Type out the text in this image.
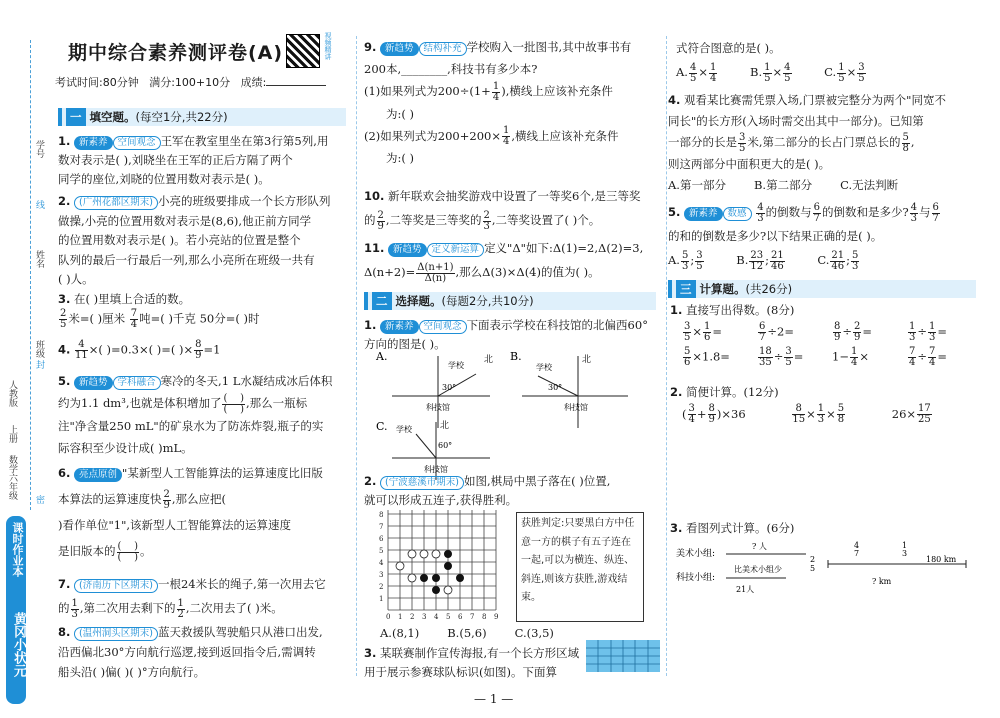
学号
姓名
班级
线
封
密
人教版
上册
数学六年级
课时作业本
黄冈小状元
期中综合素养测评卷(A)	视频精讲
考试时间:80分钟 满分:100+10分 成绩:
一 填空题。(每空1分,共22分)
1. 新素养 空间观念 王军在教室里坐在第3行第5列,用
数对表示是( ),刘晓坐在王军的正后方隔了两个
同学的座位,刘晓的位置用数对表示是( )。
2. (广州花都区期末) 小亮的班级要排成一个长方形队列
做操,小亮的位置用数对表示是(8,6),他正前方同学
的位置用数对表示是( )。若小亮站的位置是整个
队列的最后一行最后一列,那么小亮所在班级一共有
( )人。
3. 在( )里填上合适的数。

$\frac{2}{5}$ 米=( )厘米 $\frac{7}{4}$ 吨=( )千克 50分=( )时
4. $\frac{4}{11}$ ×( )=0.3×( )=( )× $\frac{8}{9} =1$
5. 新趋势 学科融合 寒冷的冬天,1 L水凝结成冰后体积
约为1.1 dm³,也就是体积增加了 $\frac{( )}{( )}$ ,那么一瓶标
注"净含量250 mL"的矿泉水为了防冻炸裂,瓶子的实
际容积至少设计成( )mL。
6. 亮点原创 "某新型人工智能算法的运算速度比旧版
本算法的运算速度快 $\frac{2}{9}$ ,那么应把(
)看作单位"1",该新型人工智能算法的运算速度
是旧版本的 $\frac{( )}{( )}$ 。
7. (济南历下区期末) 一根24米长的绳子,第一次用去它
的 $\frac{1}{3}$ ,第二次用去剩下的 $\frac{1}{2}$ ,二次用去了( )米。
8. (温州洞头区期末) 蓝天救援队驾驶船只从港口出发,
沿西偏北30°方向航行巡逻,接到返回指令后,需调转
船头沿( )偏( )( )°方向航行。
9. 新趋势 结构补充 学校购入一批图书,其中故事书有
200本,________,科技书有多少本?
(1)如果列式为$200\div(1+ \frac{1}{4}$ ),横线上应该补充条件
为:( )
(2)如果列式为$200+200\times \frac{1}{4}$ ,横线上应该补充条件
为:( )
10. 新年联欢会抽奖游戏中设置了一等奖6个,是三等奖
的 $\frac{2}{9}$ ,二等奖是三等奖的 $\frac{2}{3}$ ,二等奖设置了( )个。
11. 新趋势 定义新运算 定义"Δ"如下:Δ(1)=2,Δ(2)=3,
$\Delta(n+2)= \frac{\Delta(n+1)}{\Delta(n)}$ ,那么Δ(3)×Δ(4)的值为( )。
二 选择题。(每题2分,共10分)
1. 新素养 空间观念 下面表示学校在科技馆的北偏西60°
方向的图是( )。
A.	北
学校
科技馆
30°
B.	北
学校
科技馆
30°
C.	北
学校
科技馆
60°
2. (宁波慈溪市期末) 如图,棋局中黑子落在( )位置,
就可以形成五连子,获得胜利。
0 1
1
2
2
3
3
4
4
5
5
6
6
7
7
8
8
9
获胜判定:只要黑白方中任意一方的棋子有五子连在一起,可以为横连、纵连、斜连,则该方获胜,游戏结束。
A.(8,1) B.(5,6) C.(3,5)
3. 某联赛制作宣传海报,有一个长方形区域
用于展示参赛球队标识(如图)。下面算
式符合图意的是( )。
A. $\frac{4}{5} \times \frac{1}{4}$	B. $\frac{1}{5} \times \frac{4}{5}$	C. $\frac{1}{5} \times \frac{3}{5}$
4. 观看某比赛需凭票入场,门票被完整分为两个"同宽不
同长"的长方形(入场时需交出其中一部分)。已知第
一部分的长是 $\frac{3}{5}$ 米,第二部分的长占门票总长的 $\frac{5}{8}$ ,
则这两部分中面积更大的是( )。
A.第一部分 B.第二部分 C.无法判断
5. 新素养 数感 $\frac{4}{3}$ 的倒数与 $\frac{6}{7}$ 的倒数和是多少? $\frac{4}{3}$ 与 $\frac{6}{7}$

的和的倒数是多少?以下结果正确的是( )。
A. $\frac{5}{3}$ ; $\frac{3}{5}$	B. $\frac{23}{12}$ ; $\frac{21}{46}$	C. $\frac{21}{46}$ ; $\frac{5}{3}$
三 计算题。(共26分)
1. 直接写出得数。(8分)
$\frac{3}{5} \times \frac{1}{6}$ =	$\frac{6}{7} \div 2=$	$\frac{8}{9} \div \frac{2}{9}$ =	$\frac{1}{3} \div \frac{1}{3}$ =
$\frac{5}{6} \times 1.8=$	$\frac{18}{35} \div \frac{3}{5}$ =	$1- \frac{1}{4}$ ×	$\frac{7}{4} \div \frac{7}{4}$ =
2. 简便计算。(12分)
( $\frac{3}{4} + \frac{8}{9} )\times 36$	$\frac{8}{15} \times \frac{1}{3} \times \frac{5}{8}$	$26\times \frac{17}{25}$
3. 看图列式计算。(6分)
美术小组:
科技小组:
? 人
比美术小组少
21人
2
5
4
7
1
3
180 km
? km
— 1 —
